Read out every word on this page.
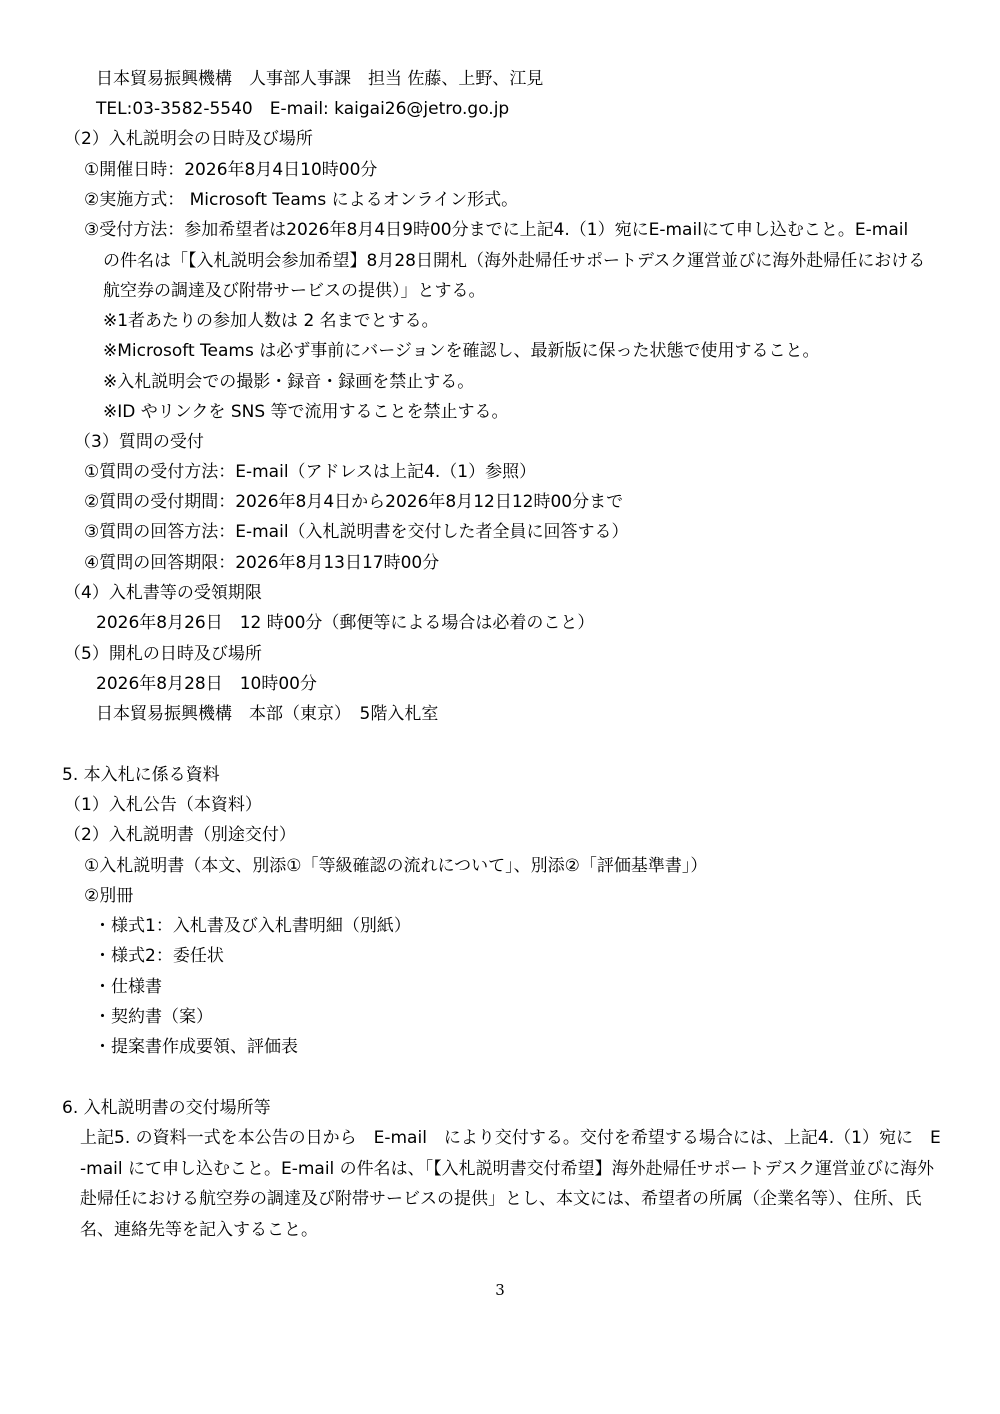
日本貿易振興機構　人事部人事課　担当 佐藤、上野、江見
TEL:03-3582-5540　E-mail: kaigai26@jetro.go.jp
（2）入札説明会の日時及び場所
①開催日時：2026年8月4日10時00分
②実施方式： Microsoft Teams によるオンライン形式。
③受付方法：参加希望者は2026年8月4日9時00分までに上記4.（1）宛にE-mailにて申し込むこと。E-mail
の件名は「【入札説明会参加希望】8月28日開札（海外赴帰任サポートデスク運営並びに海外赴帰任における
航空券の調達及び附帯サービスの提供）」とする。
※1者あたりの参加人数は 2 名までとする。
※Microsoft Teams は必ず事前にバージョンを確認し、最新版に保った状態で使用すること。
※入札説明会での撮影・録音・録画を禁止する。
※ID やリンクを SNS 等で流用することを禁止する。
（3）質問の受付
①質問の受付方法：E-mail（アドレスは上記4.（1）参照）
②質問の受付期間：2026年8月4日から2026年8月12日12時00分まで
③質問の回答方法：E-mail（入札説明書を交付した者全員に回答する）
④質問の回答期限：2026年8月13日17時00分
（4）入札書等の受領期限
2026年8月26日　12 時00分（郵便等による場合は必着のこと）
（5）開札の日時及び場所
2026年8月28日　10時00分
日本貿易振興機構　本部（東京）　5階入札室
5. 本入札に係る資料
（1）入札公告（本資料）
（2）入札説明書（別途交付）
①入札説明書（本文、別添①「等級確認の流れについて」、別添②「評価基準書」）
②別冊
・様式1：入札書及び入札書明細（別紙）
・様式2：委任状
・仕様書
・契約書（案）
・提案書作成要領、評価表
6. 入札説明書の交付場所等
上記5. の資料一式を本公告の日から　E-mail　により交付する。交付を希望する場合には、上記4.（1）宛に　E-mail にて申し込むこと。E-mail の件名は、「【入札説明書交付希望】海外赴帰任サポートデスク運営並びに海外赴帰任における航空券の調達及び附帯サービスの提供」とし、本文には、希望者の所属（企業名等）、住所、氏名、連絡先等を記入すること。
3
